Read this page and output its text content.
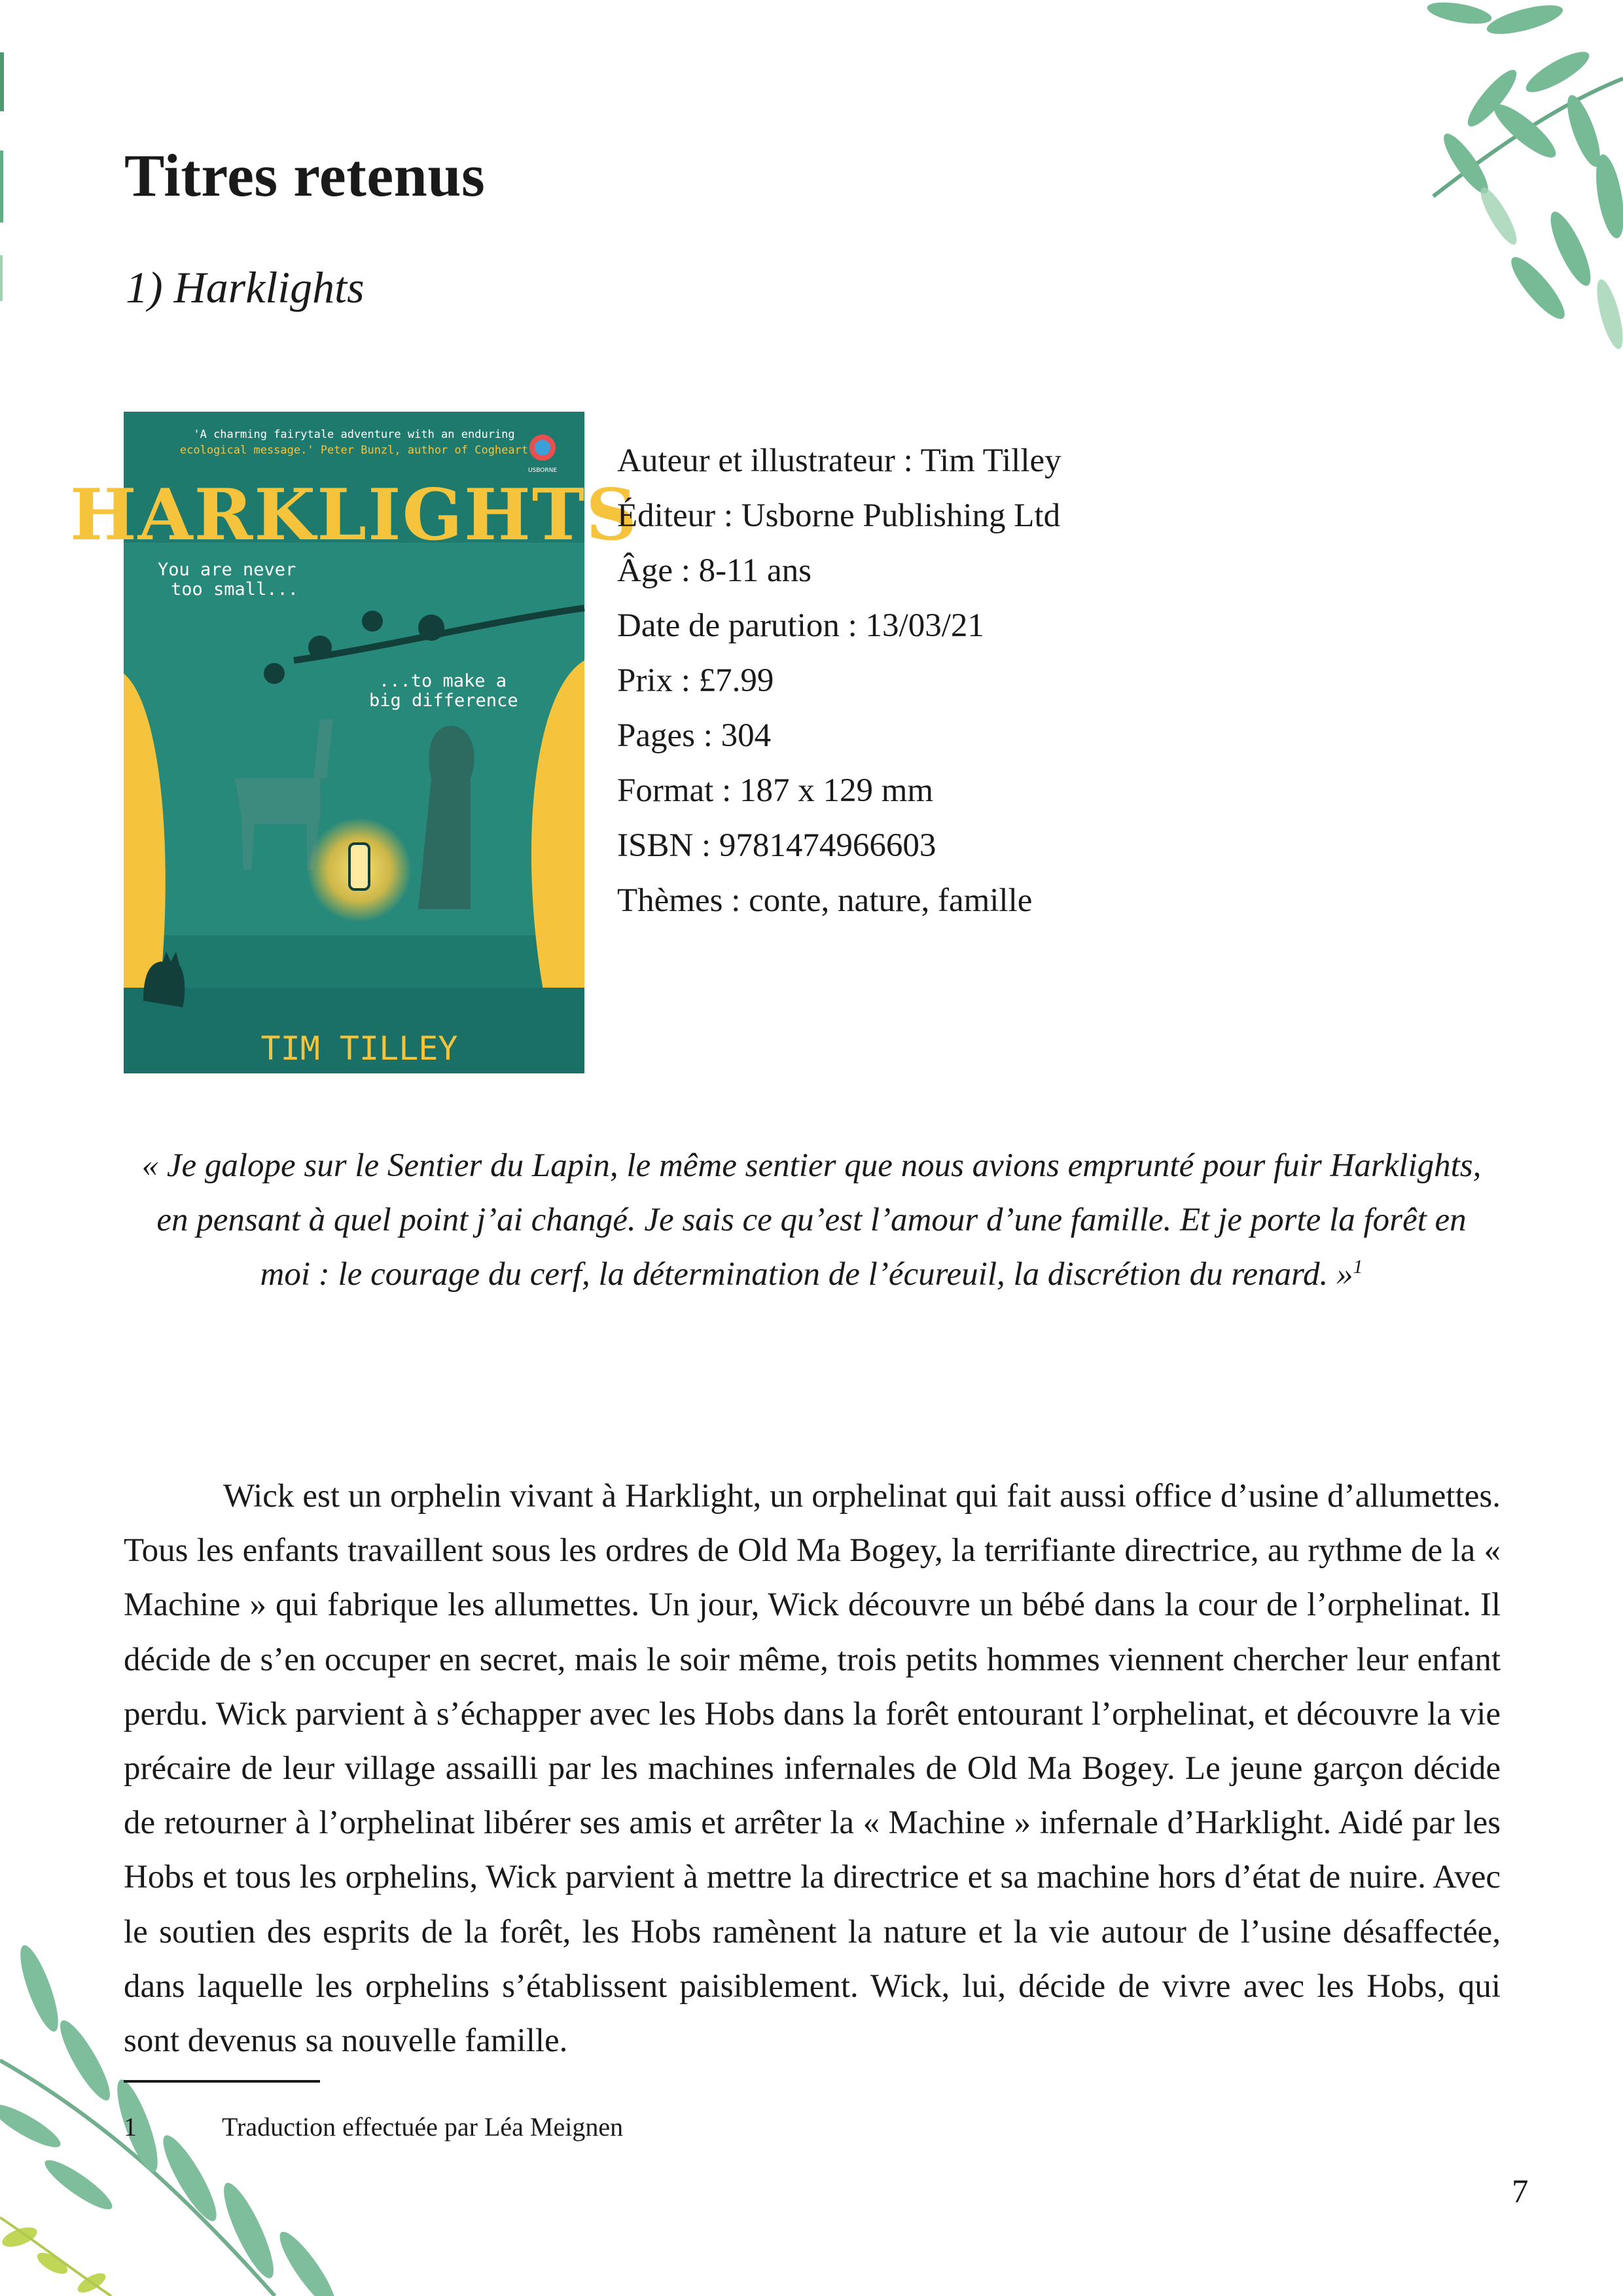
Titres retenus
1) Harklights
'A charming fairytale adventure with an enduring
ecological message.' Peter Bunzl, author of Cogheart
USBORNE
HARKLIGHTS
You are never
too small...
...to make a
big difference
TIM TILLEY
Auteur et illustrateur : Tim Tilley
Éditeur : Usborne Publishing Ltd
Âge : 8-11 ans
Date de parution : 13/03/21
Prix : £7.99
Pages : 304
Format : 187 x 129 mm
ISBN : 9781474966603
Thèmes : conte, nature, famille

« Je galope sur le Sentier du Lapin, le même sentier que nous avions emprunté pour fuir Harklights, en pensant à quel point j’ai changé. Je sais ce qu’est l’amour d’une famille. Et je porte la forêt en moi : le courage du cerf, la détermination de l’écureuil, la discrétion du renard. »$^1$

Wick est un orphelin vivant à Harklight, un orphelinat qui fait aussi office d’usine d’allumettes. Tous les enfants travaillent sous les ordres de Old Ma Bogey, la terrifiante directrice, au rythme de la « Machine » qui fabrique les allumettes. Un jour, Wick découvre un bébé dans la cour de l’orphelinat. Il décide de s’en occuper en secret, mais le soir même, trois petits hommes viennent chercher leur enfant perdu. Wick parvient à s’échapper avec les Hobs dans la forêt entourant l’orphelinat, et découvre la vie précaire de leur village assailli par les machines infernales de Old Ma Bogey. Le jeune garçon décide de retourner à l’orphelinat libérer ses amis et arrêter la « Machine » infernale d’Harklight. Aidé par les Hobs et tous les orphelins, Wick parvient à mettre la directrice et sa machine hors d’état de nuire. Avec le soutien des esprits de la forêt, les Hobs ramènent la nature et la vie autour de l’usine désaffectée, dans laquelle les orphelins s’établissent paisiblement. Wick, lui, décide de vivre avec les Hobs, qui sont devenus sa nouvelle famille.

1	Traduction effectuée par Léa Meignen

7
